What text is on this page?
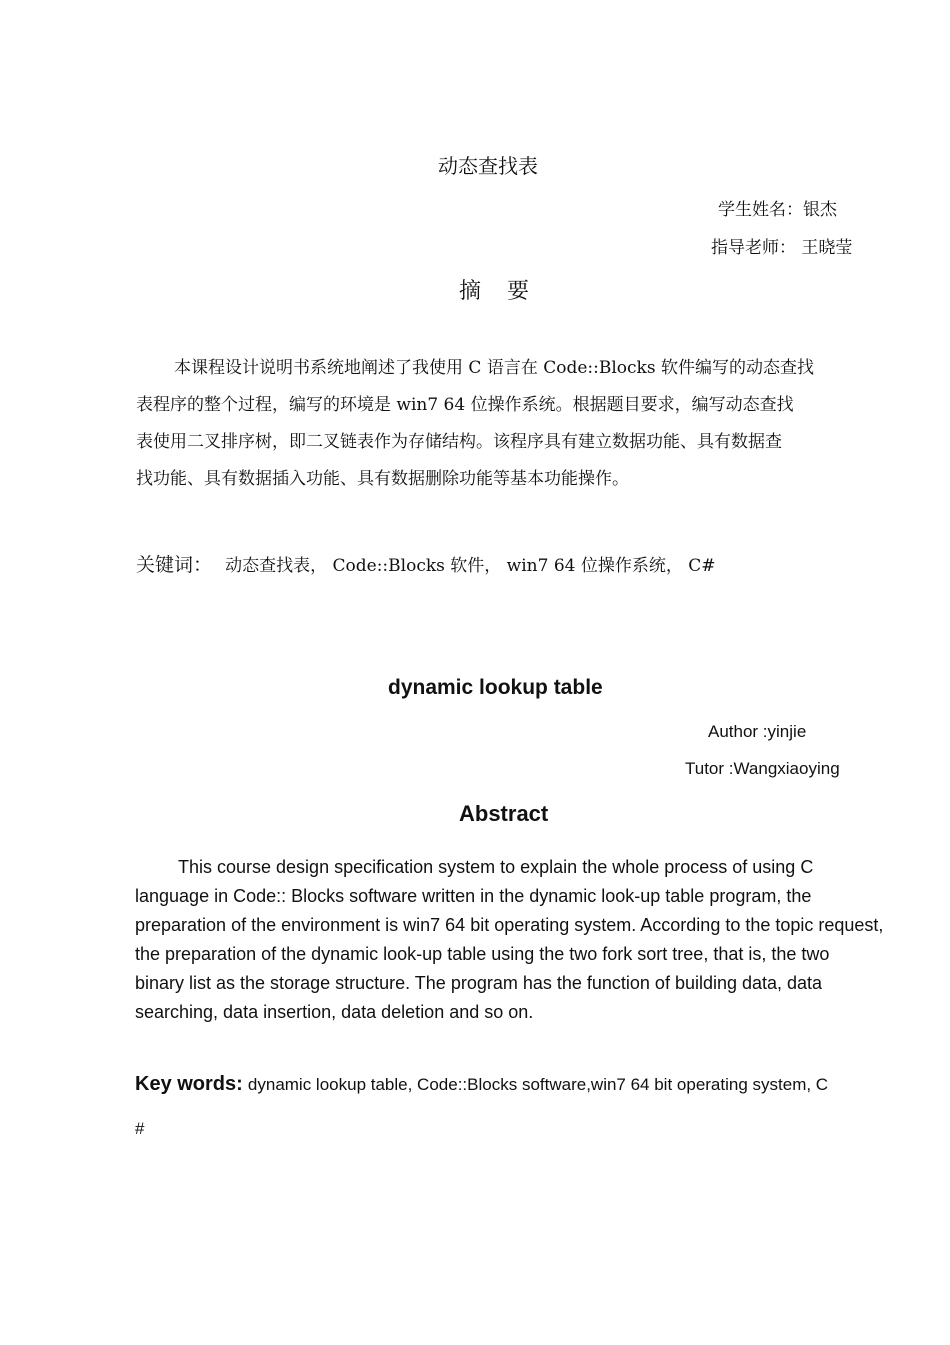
动态查找表
学生姓名：银杰
指导老师： 王晓莹
摘要
本课程设计说明书系统地阐述了我使用 C 语言在 Code::Blocks 软件编写的动态查找
表程序的整个过程，编写的环境是 win7 64 位操作系统。根据题目要求，编写动态查找
表使用二叉排序树，即二叉链表作为存储结构。该程序具有建立数据功能、具有数据查
找功能、具有数据插入功能、具有数据删除功能等基本功能操作。
关键词： 动态查找表， Code::Blocks 软件， win7 64 位操作系统， C#
dynamic lookup table
Author :yinjie
Tutor :Wangxiaoying
Abstract
This course design specification system to explain the whole process of using C
language in Code:: Blocks software written in the dynamic look-up table program, the
preparation of the environment is win7 64 bit operating system. According to the topic request,
the preparation of the dynamic look-up table using the two fork sort tree, that is, the two
binary list as the storage structure. The program has the function of building data, data
searching, data insertion, data deletion and so on.
Key words: dynamic lookup table, Code::Blocks software,win7 64 bit operating system, C
#
